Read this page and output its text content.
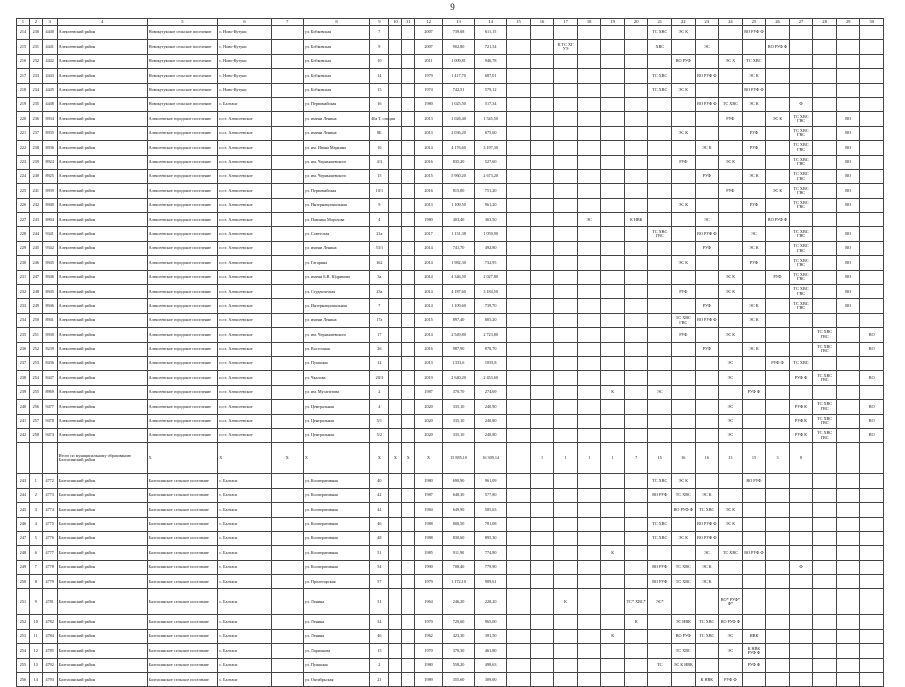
9
1	2	3	4	5	6	7	8	9	10	11	12	13	14	15	16	17	18	19	20	21	22	23	24	25	26	27	28	29	30
214	230	4440	Алексеевский район	Новокутукское сельское поселение	с. Ново-Кутуки		ул. Бобковская	7			2007	739,68	611,15							ТС ХВС	ЭС К			ВО РУФ Ф					
215	231	4441	Алексеевский район	Новокутукское сельское поселение	с. Ново-Кутуки		ул. Бобковская	9			2007	902,80	721,54			К ТС ХГ УЭ				ХВС		ЭС			ВО РУФ Ф				
216	232	4442	Алексеевский район	Новокутукское сельское поселение	с. Ново-Кутуки		ул. Бобковская	10			2011	1 009,81	946,78								ВО РУФ		ЭС Х	ТС ХВС					
217	233	4443	Алексеевский район	Новокутукское сельское поселение	с. Ново-Кутуки		ул. Бобковская	14			1979	1 417,70	687,01							ТС ХВС		ВО РУФ Ф		ЭС К					
218	234	4445	Алексеевский район	Новокутукское сельское поселение	с. Ново-Кутуки		ул. Бобковская	15			1974	742,51	579,12							ТС ХВС	ЭС К			ВО РУФ Ф					
219	235	4448	Алексеевский район	Новокутукское сельское поселение	с. Балтаси		ул. Первомайская	16			1980	1 025,50	517,34									ВО РУФ Ф	ТС ХВС	ЭС К		Ф			
220	236	8934	Алексеевский район	Алексеевское городское поселение	п.г.т. Алексеевское		ул. имени Ленина	40а Т, секция			2013	1 026,40	1 545,50										РУФ		ЭС К	ТС ХВС ГВС		ВО	
221	237	8935	Алексеевский район	Алексеевское городское поселение	п.г.т. Алексеевское		ул. имени Ленина	8Б			2013	2 036,20	675,60								ЭС К			РУФ		ТС ХВС ГВС		ВО	
222	238	8936	Алексеевский район	Алексеевское городское поселение	п.г.т. Алексеевское		ул. им. Ивана Маркина	16			2014	4 176,60	3 197,30									ЭС К		РУФ		ТС ХВС ГВС		ВО	
223	239	8924	Алексеевский район	Алексеевское городское поселение	п.г.т. Алексеевское		ул. им. Чернышевского	4/3			2016	835,20	527,60								РУФ		ЭС К			ТС ХВС ГВС		ВО	
224	240	8925	Алексеевский район	Алексеевское городское поселение	п.г.т. Алексеевское		ул. им. Чернышевского	15			2015	5 960,20	2 673,20									РУФ		ЭС К		ТС ХВС ГВС		ВО	
225	241	8939	Алексеевский район	Алексеевское городское поселение	п.г.т. Алексеевское		ул. Первомайская	10/1			2016	815,00	751,20										РУФ		ЭС К	ТС ХВС ГВС		ВО	
226	242	8940	Алексеевский район	Алексеевское городское поселение	п.г.т. Алексеевское		ул. Интернациональная	9			2013	1 109,50	961,20								ЭС К			РУФ		ТС ХВС ГВС		ВО	
227	243	8904	Алексеевский район	Алексеевское городское поселение	п.г.т. Алексеевское		ул. Павлика Морозова	4			1980	403,40	363,50				ЭС		К НВК			ЭС			ВО РУФ Ф				
228	244	9341	Алексеевский район	Алексеевское городское поселение	п.г.т. Алексеевское		ул. Советская	21а			2017	1 131,38	1 059,90							ТС ХВС ГВС		ВО РУФ Ф		ЭС		ТС ХВС ГВС		ВО	
229	245	9342	Алексеевский район	Алексеевское городское поселение	п.г.т. Алексеевское		ул. имени Ленина	53/1			2014	741,70	492,80									РУФ		ЭС К		ТС ХВС ГВС		ВО	
230	246	8945	Алексеевский район	Алексеевское городское поселение	п.г.т. Алексеевское		ул. Гагарина	162			2014	1 982,30	732,95								ЭС К			РУФ		ТС ХВС ГВС		ВО	
231	247	8946	Алексеевский район	Алексеевское городское поселение	п.г.т. Алексеевское		ул. имени Б.В. Юдрикова	3а			2014	4 346,50	2 027,80										ЭС К		РУФ	ТС ХВС ГВС		ВО	
232	248	8945	Алексеевский район	Алексеевское городское поселение	п.г.т. Алексеевское		ул. Студенческая	23а			2014	4 187,60	3 184,50								РУФ		ЭС К			ТС ХВС ГВС		ВО	
233	249	8946	Алексеевский район	Алексеевское городское поселение	п.г.т. Алексеевское		ул. Интернациональная	7			2014	1 109,60	739,70									РУФ		ЭС К		ТС ХВС ГВС		ВО	
234	250	8941	Алексеевский район	Алексеевское городское поселение	п.г.т. Алексеевское		ул. имени Ленина	17а			2015	897,40	805,20								ТС ХВС ГВС	ВО РУФ Ф		ЭС К					
235	251	8930	Алексеевский район	Алексеевское городское поселение	п.г.т. Алексеевское		ул. им. Чернышевского	17			2014	2 549,80	2 723,80								РУФ		ЭС К				ТС ХВС ГВС		ВО
236	252	8239	Алексеевский район	Алексеевское городское поселение	п.г.т. Алексеевское		ул. Восточная	26			2016	987,90	878,70									РУФ		ЭС К			ТС ХВС ГВС		ВО
237	253	8436	Алексеевский район	Алексеевское городское поселение	п.г.т. Алексеевское		ул. Пушкина	12			2013	1333,6	1055,8										ЭС		РУФ Ф	ТС ХВС			
238	254	8447	Алексеевский район	Алексеевское городское поселение	п.г.т. Алексеевское		ул. Чкалова	20/3			2019	2 640,20	2 453,60										ЭС			РУФ Ф	ТС ХВС ГВС		ВО
239	255	8969	Алексеевский район	Алексеевское городское поселение	п.г.т. Алексеевское		ул. им. Мусагитова	2			1987	370,70	274,69					К		ЭС				РУФ Ф					
240	256	9477	Алексеевский район	Алексеевское городское поселение	п.г.т. Алексеевское		ул. Центральная	4			2020	335,10	240,90										ЭС			РУФ К	ТС ХВС ГВС		ВО
241	257	9478	Алексеевский район	Алексеевское городское поселение	п.г.т. Алексеевское		ул. Центральная	5/1			2020	335,10	240,80										ЭС			РУФ К	ТС ХВС ГВС		ВО
242	258	9474	Алексеевский район	Алексеевское городское поселение	п.г.т. Алексеевское		ул. Центральная	5/2			2020	335,10	240,80										ЭС			РУФ К	ТС ХВС ГВС		ВО
			Итого по муниципальному образованию Балтасинский район	Х	Х	Х	Х	Х	Х	Х	Х	15 885,10	16 309,14		1	1	1	1	7	15	16	16	13	15	3	8			
243	1	4772	Балтасинский район	Балтасинское сельское поселение	с. Балтаси		ул. Кооперативная	40			1980	690,90	961,09							ТС ХВС	ЭС К			ВО РУФ					
244	2	4773	Балтасинский район	Балтасинское сельское поселение	с. Балтаси		ул. Кооперативная	42			1987	648,30	577,80							ВО РУФ	ТС ХВС	ЭС К							
245	3	4774	Балтасинский район	Балтасинское сельское поселение	с. Балтаси		ул. Кооперативная	44			1984	649,90	585,63								ВО РУФ Ф	ТС ХВС	ЭС К						
246	4	4775	Балтасинский район	Балтасинское сельское поселение	с. Балтаси		ул. Кооперативная	46			1988	800,50	781,08							ТС ХВС		ВО РУФ Ф	ЭС К						
247	5	4776	Балтасинский район	Балтасинское сельское поселение	с. Балтаси		ул. Кооперативная	48			1988	830,60	895,30							ТС ХВС	ЭС К	ВО РУФ Ф							
248	6	4777	Балтасинский район	Балтасинское сельское поселение	с. Балтаси		ул. Кооперативная	51			1985	911,90	774,80					К				ЭС	ТС ХВС	ВО РУФ Ф					
249	7	4778	Балтасинский район	Балтасинское сельское поселение	с. Балтаси		ул. Кооперативная	54			1990	708,40	779,90							ВО РУФ	ТС ХВС	ЭС К				Ф			
250	8	4779	Балтасинский район	Балтасинское сельское поселение	с. Балтаси		ул. Пролетарская	57			1979	1 172,10	909,61							ВО РУФ	ТС ХВС	ЭС К							
251	9	4781	Балтасинский район	Балтасинское сельское поселение	с. Балтаси		ул. Ленина	31			1964	246,20	228,20			К			ТС* ХВС*	ЭС*			ВО* РУФ* Ф*						
252	10	4782	Балтасинский район	Балтасинское сельское поселение	с. Балтаси		ул. Ленина	34			1970	729,60	965,00						К		ЭС НВК	ТС ХВС	ВО РУФ Ф						
253	11	4784	Балтасинский район	Балтасинское сельское поселение	с. Балтаси		ул. Ленина	46			1962	423,30	391,50					К			ВО РУФ	ТС ХВС	ЭС	НВК					
254	12	4785	Балтасинский район	Балтасинское сельское поселение	с. Балтаси		ул. Ларионова	15			1970	370,30	461,80								ТС ХВС		ЭС	К НВК РУФ Ф					
255	13	4792	Балтасинский район	Балтасинское сельское поселение	с. Балтаси		ул. Пушкина	2			1980	558,20	498,63							ТС	ЭС К НВК			РУФ Ф					
256	14	4793	Балтасинский район	Балтасинское сельское поселение	с. Балтаси		ул. Октябрьская	21			1989	355,60	309,00									К НВК	РУФ Ф						
